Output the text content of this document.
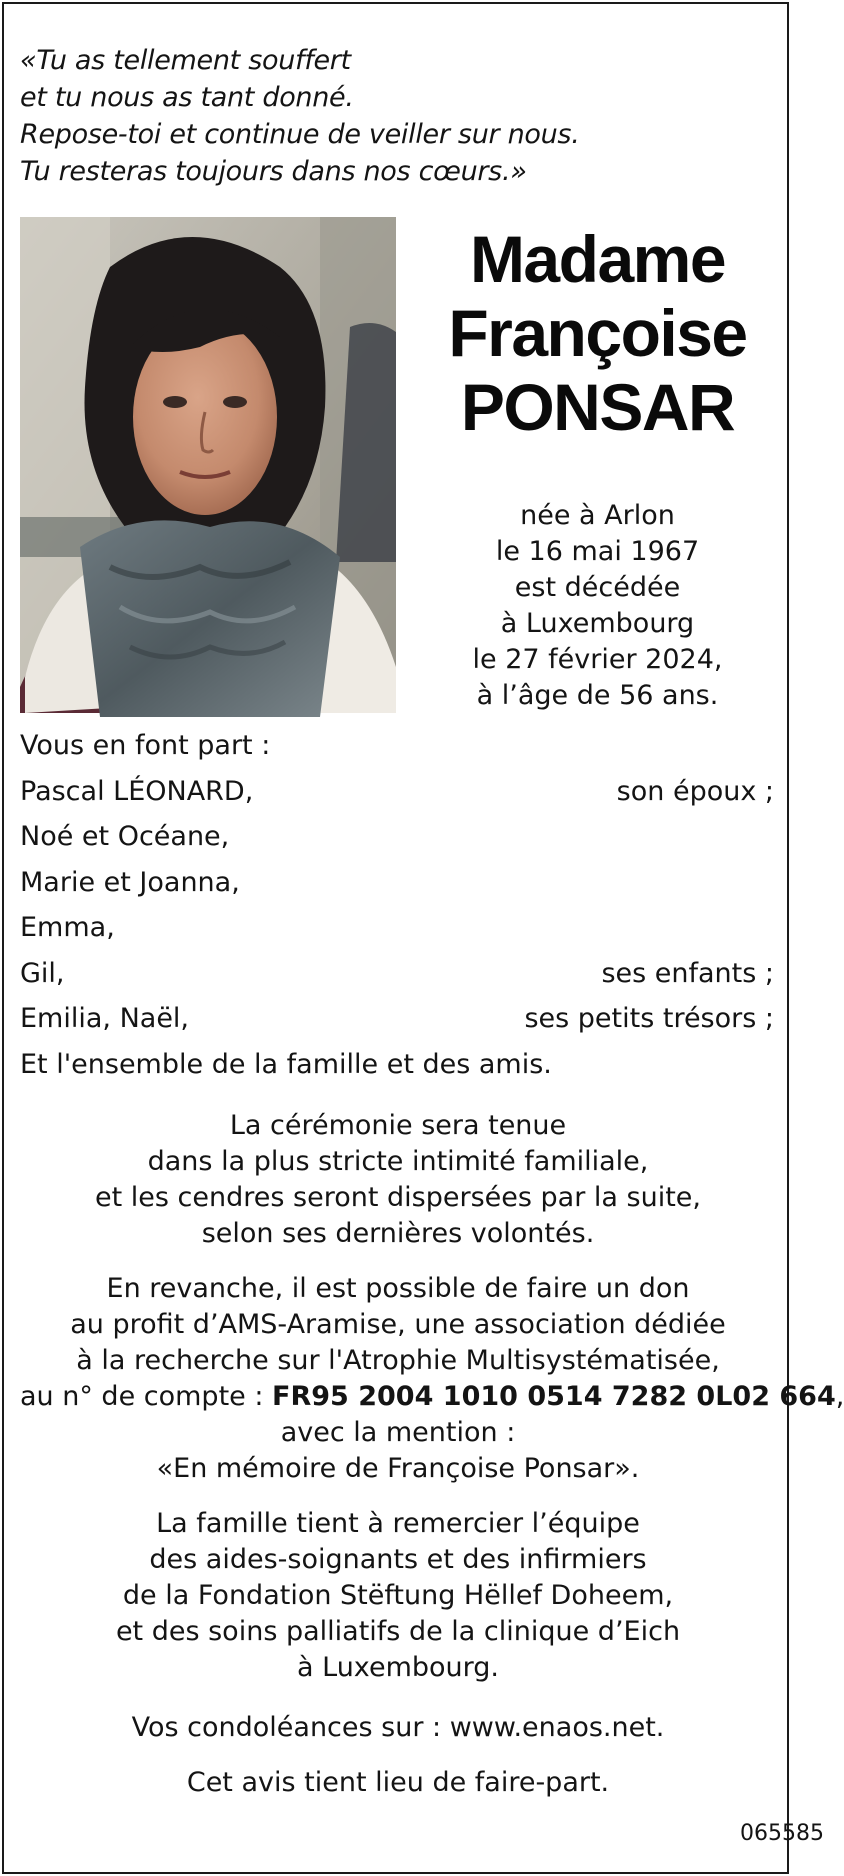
«Tu as tellement souffert
et tu nous as tant donné.
Repose-toi et continue de veiller sur nous.
Tu resteras toujours dans nos cœurs.»
Madame
Françoise
PONSAR
née à Arlon
le 16 mai 1967
est décédée
à Luxembourg
le 27 février 2024,
à l’âge de 56 ans.
Vous en font part :
Pascal LÉONARD,	son époux ;
Noé et Océane,
Marie et Joanna,
Emma,
Gil,	ses enfants ;
Emilia, Naël,	ses petits trésors ;
Et l'ensemble de la famille et des amis.
La cérémonie sera tenue
dans la plus stricte intimité familiale,
et les cendres seront dispersées par la suite,
selon ses dernières volontés.
En revanche, il est possible de faire un don
au profit d’AMS-Aramise, une association dédiée
à la recherche sur l'Atrophie Multisystématisée,
au n° de compte : FR95 2004 1010 0514 7282 0L02 664,
avec la mention :
«En mémoire de Françoise Ponsar».
La famille tient à remercier l’équipe
des aides-soignants et des infirmiers
de la Fondation Stëftung Hëllef Doheem,
et des soins palliatifs de la clinique d’Eich
à Luxembourg.
Vos condoléances sur : www.enaos.net.
Cet avis tient lieu de faire-part.
065585
